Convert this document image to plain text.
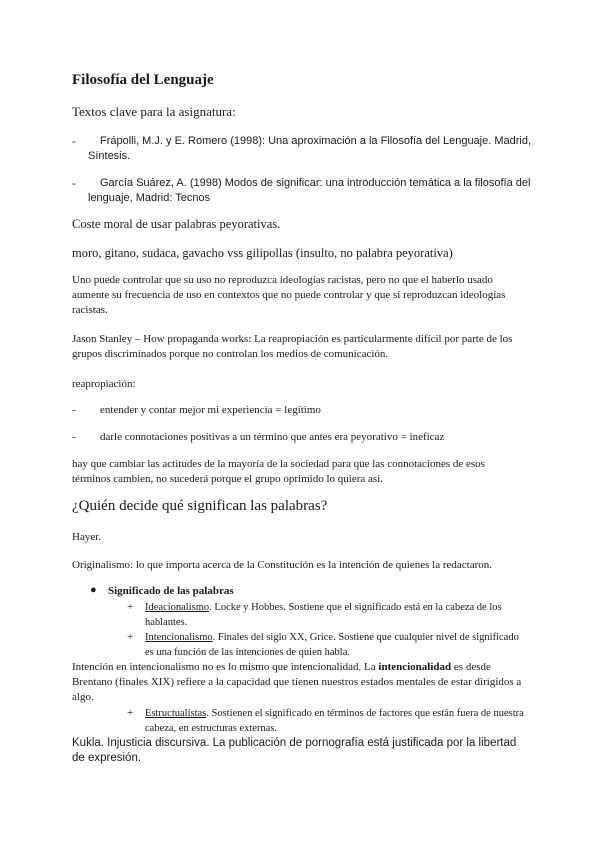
Filosofía del Lenguaje

Textos clave para la asignatura:

-	Frápolli, M.J. y E. Romero (1998): Una aproximación a la Filosofía del Lenguaje. Madrid, Síntesis.

-	García Suárez, A. (1998) Modos de significar: una introducción temática a la filosofía del lenguaje, Madrid: Tecnos

Coste moral de usar palabras peyorativas.

moro, gitano, sudaca, gavacho vss gilipollas (insulto, no palabra peyorativa)

Uno puede controlar que su uso no reproduzca ideologías racistas, pero no que el haberlo usado aumente su frecuencia de uso en contextos que no puede controlar y que sí reproduzcan ideologías racistas.

Jason Stanley – How propaganda works: La reapropiación es particularmente difícil por parte de los grupos discriminados porque no controlan los medios de comunicación.

reapropiación:

- entender y contar mejor mi experiencia = legítimo

- darle connotaciones positivas a un término que antes era peyorativo = ineficaz

hay que cambiar las actitudes de la mayoría de la sociedad para que las connotaciones de esos términos cambien, no sucederá porque el grupo oprimido lo quiera así.

¿Quién decide qué significan las palabras?

Hayer.

Originalismo: lo que importa acerca de la Constitución es la intención de quienes la redactaron.

● Significado de las palabras

+ Ideacionalismo. Locke y Hobbes. Sostiene que el significado está en la cabeza de los hablantes.

+ Intencionalismo. Finales del siglo XX, Grice. Sostiene que cualquier nivel de significado es una función de las intenciones de quien habla.

Intención en intencionalismo no es lo mismo que intencionalidad. La intencionalidad es desde Brentano (finales XIX) refiere a la capacidad que tienen nuestros estados mentales de estar dirigidos a algo.

+ Estructualistas. Sostienen el significado en términos de factores que están fuera de nuestra cabeza, en estructuras externas.

Kukla. Injusticia discursiva. La publicación de pornografía está justificada por la libertad de expresión.
